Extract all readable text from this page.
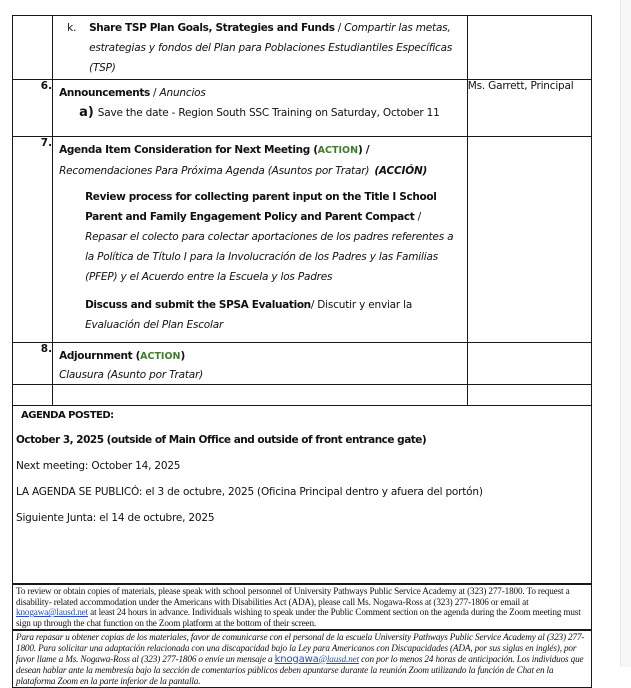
	k. Share TSP Plan Goals, Strategies and Funds / Compartir las metas, estrategias y fondos del Plan para Poblaciones Estudiantiles Específicas (TSP)	

6.	Announcements / Anuncios
a) Save the date - Region South SSC Training on Saturday, October 11	Ms. Garrett, Principal
7.	Agenda Item Consideration for Next Meeting (ACTION) /
Recomendaciones Para Próxima Agenda (Asuntos por Tratar) (ACCIÓN)
Review process for collecting parent input on the Title I School Parent and Family Engagement Policy and Parent Compact / Repasar el colecto para colectar aportaciones de los padres referentes a la Política de Título I para la Involucración de los Padres y las Familias (PFEP) y el Acuerdo entre la Escuela y los Padres
Discuss and submit the SPSA Evaluation/ Discutir y enviar la Evaluación del Plan Escolar	

8.	Adjournment (ACTION)
Clausura (Asunto por Tratar)	

AGENDA POSTED:

October 3, 2025 (outside of Main Office and outside of front entrance gate)

Next meeting: October 14, 2025

LA AGENDA SE PUBLICÓ: el 3 de octubre, 2025 (Oficina Principal dentro y afuera del portón)

Siguiente Junta: el 14 de octubre, 2025

To review or obtain copies of materials, please speak with school personnel of University Pathways Public Service Academy at (323) 277-1800. To request a disability- related accommodation under the Americans with Disabilities Act (ADA), please call Ms. Nogawa-Ross at (323) 277-1806 or email at knogawa@lausd.net at least 24 hours in advance. Individuals wishing to speak under the Public Comment section on the agenda during the Zoom meeting must sign up through the chat function on the Zoom platform at the bottom of their screen.
Para repasar u obtener copias de los materiales, favor de comunicarse con el personal de la escuela University Pathways Public Service Academy al (323) 277-1800. Para solicitar una adaptación relacionada con una discapacidad bajo la Ley para Americanos con Discapacidades (ADA, por sus siglas en inglés), por favor llame a Ms. Nogawa-Ross al (323) 277-1806 o envíe un mensaje a knogawa@lausd.net con por lo menos 24 horas de anticipación. Los individuos que desean hablar ante la membresía bajo la sección de comentarios públicos deben apuntarse durante la reunión Zoom utilizando la función de Chat en la plataforma Zoom en la parte inferior de la pantalla.
